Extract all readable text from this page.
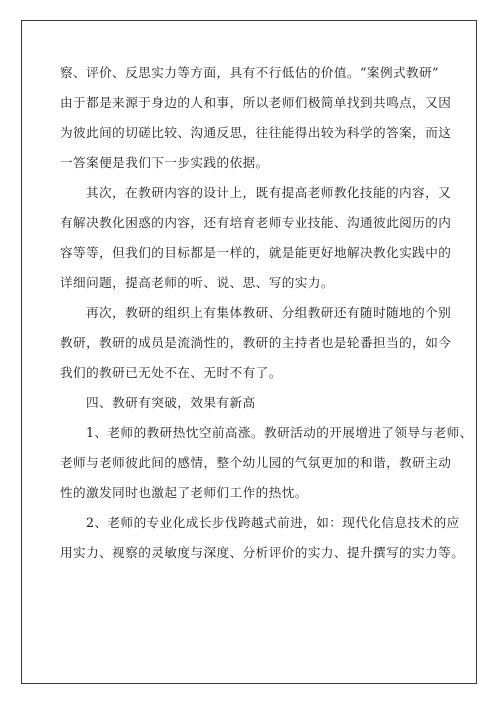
察、评价、反思实力等方面，具有不行低估的价值。“案例式教研”
由于都是来源于身边的人和事，所以老师们极简单找到共鸣点，又因
为彼此间的切磋比较、沟通反思，往往能得出较为科学的答案，而这
一答案便是我们下一步实践的依据。

其次，在教研内容的设计上，既有提高老师教化技能的内容，又
有解决教化困惑的内容，还有培育老师专业技能、沟通彼此阅历的内
容等等，但我们的目标都是一样的，就是能更好地解决教化实践中的
详细问题，提高老师的听、说、思、写的实力。

再次，教研的组织上有集体教研、分组教研还有随时随地的个别
教研，教研的成员是流淌性的，教研的主持者也是轮番担当的，如今
我们的教研已无处不在、无时不有了。

四、教研有突破，效果有新高

1、老师的教研热忱空前高涨。教研活动的开展增进了领导与老师、
老师与老师彼此间的感情，整个幼儿园的气氛更加的和谐，教研主动
性的激发同时也激起了老师们工作的热忱。

2、老师的专业化成长步伐跨越式前进，如：现代化信息技术的应
用实力、视察的灵敏度与深度、分析评价的实力、提升撰写的实力等。
